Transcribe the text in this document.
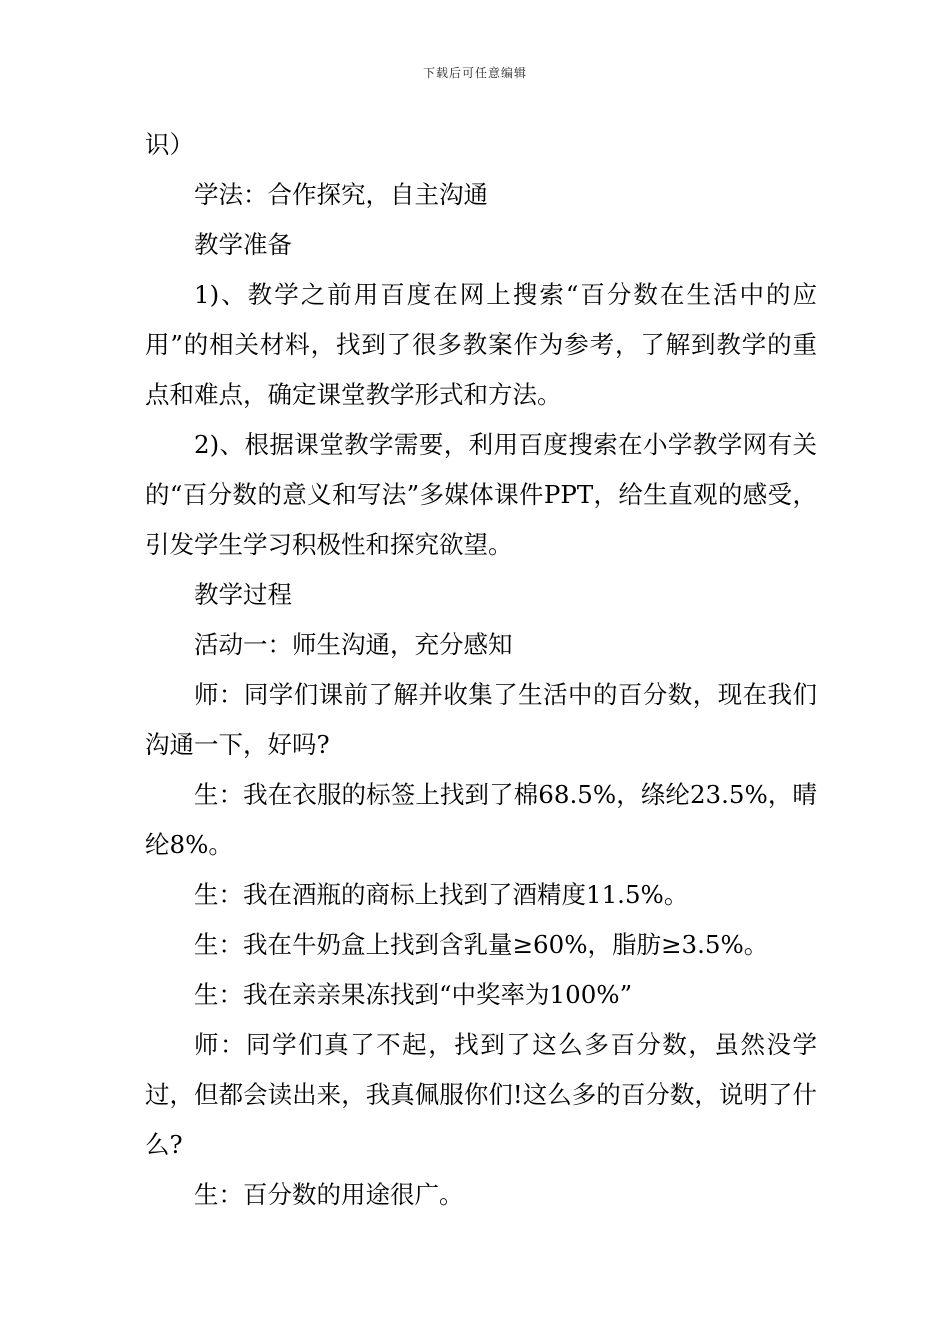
下载后可任意编辑

识）

学法：合作探究，自主沟通

教学准备

1)、教学之前用百度在网上搜索“百分数在生活中的应用”的相关材料，找到了很多教案作为参考，了解到教学的重点和难点，确定课堂教学形式和方法。

2)、根据课堂教学需要，利用百度搜索在小学教学网有关的“百分数的意义和写法”多媒体课件PPT，给生直观的感受，引发学生学习积极性和探究欲望。

教学过程

活动一：师生沟通，充分感知

师：同学们课前了解并收集了生活中的百分数，现在我们沟通一下，好吗?

生：我在衣服的标签上找到了棉68.5%，绦纶23.5%，晴纶8%。

生：我在酒瓶的商标上找到了酒精度11.5%。

生：我在牛奶盒上找到含乳量≥60%，脂肪≥3.5%。

生：我在亲亲果冻找到“中奖率为100%”

师：同学们真了不起，找到了这么多百分数，虽然没学过，但都会读出来，我真佩服你们!这么多的百分数，说明了什么?

生：百分数的用途很广。
